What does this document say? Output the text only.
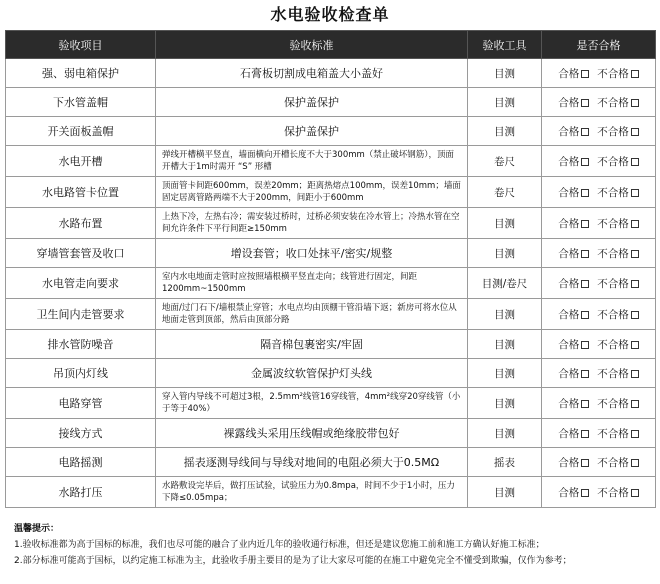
水电验收检查单
验收项目	验收标准	验收工具	是否合格
强、弱电箱保护	石膏板切割成电箱盖大小盖好	目测	合格 不合格
下水管盖帽	保护盖保护	目测	合格 不合格
开关面板盖帽	保护盖保护	目测	合格 不合格
水电开槽	弹线开槽横平竖直，墙面横向开槽长度不大于300mm（禁止破坏钢筋），顶面开槽大于1m时需开 “S” 形槽	卷尺	合格 不合格
水电路管卡位置	顶面管卡间距600mm，误差20mm；距离热熔点100mm，误差10mm；墙面固定居离管路两端不大于200mm，间距小于600mm	卷尺	合格 不合格
水路布置	上热下冷，左热右冷；需安装过桥时，过桥必须安装在冷水管上；冷热水管在空间允许条件下平行间距≥150mm	目测	合格 不合格
穿墙管套管及收口	增设套管；收口处抹平/密实/规整	目测	合格 不合格
水电管走向要求	室内水电地面走管时应按照墙根横平竖直走向；线管进行固定，间距1200mm~1500mm	目测/卷尺	合格 不合格
卫生间内走管要求	地面/过门石下/墙根禁止穿管；水电点均由顶棚干管沿墙下返；新房可将水位从地面走管到顶部，然后由顶部分路	目测	合格 不合格
排水管防噪音	隔音棉包裹密实/牢固	目测	合格 不合格
吊顶内灯线	金属波纹软管保护灯头线	目测	合格 不合格
电路穿管	穿入管内导线不可超过3根，2.5mm²线管16穿线管，4mm²线穿20穿线管（小于等于40%）	目测	合格 不合格
接线方式	裸露线头采用压线帽或绝缘胶带包好	目测	合格 不合格
电路摇测	摇表逐测导线间与导线对地间的电阻必须大于0.5MΩ	摇表	合格 不合格
水路打压	水路敷设完毕后，做打压试验，试验压力为0.8mpa，时间不少于1小时，压力下降≤0.05mpa；	目测	合格 不合格
温馨提示：
1.验收标准都为高于国标的标准，我们也尽可能的融合了业内近几年的验收通行标准，但还是建议您施工前和施工方确认好施工标准；
2.部分标准可能高于国标，以约定施工标准为主，此验收手册主要目的是为了让大家尽可能的在施工中避免完全不懂受到欺骗，仅作为参考；
